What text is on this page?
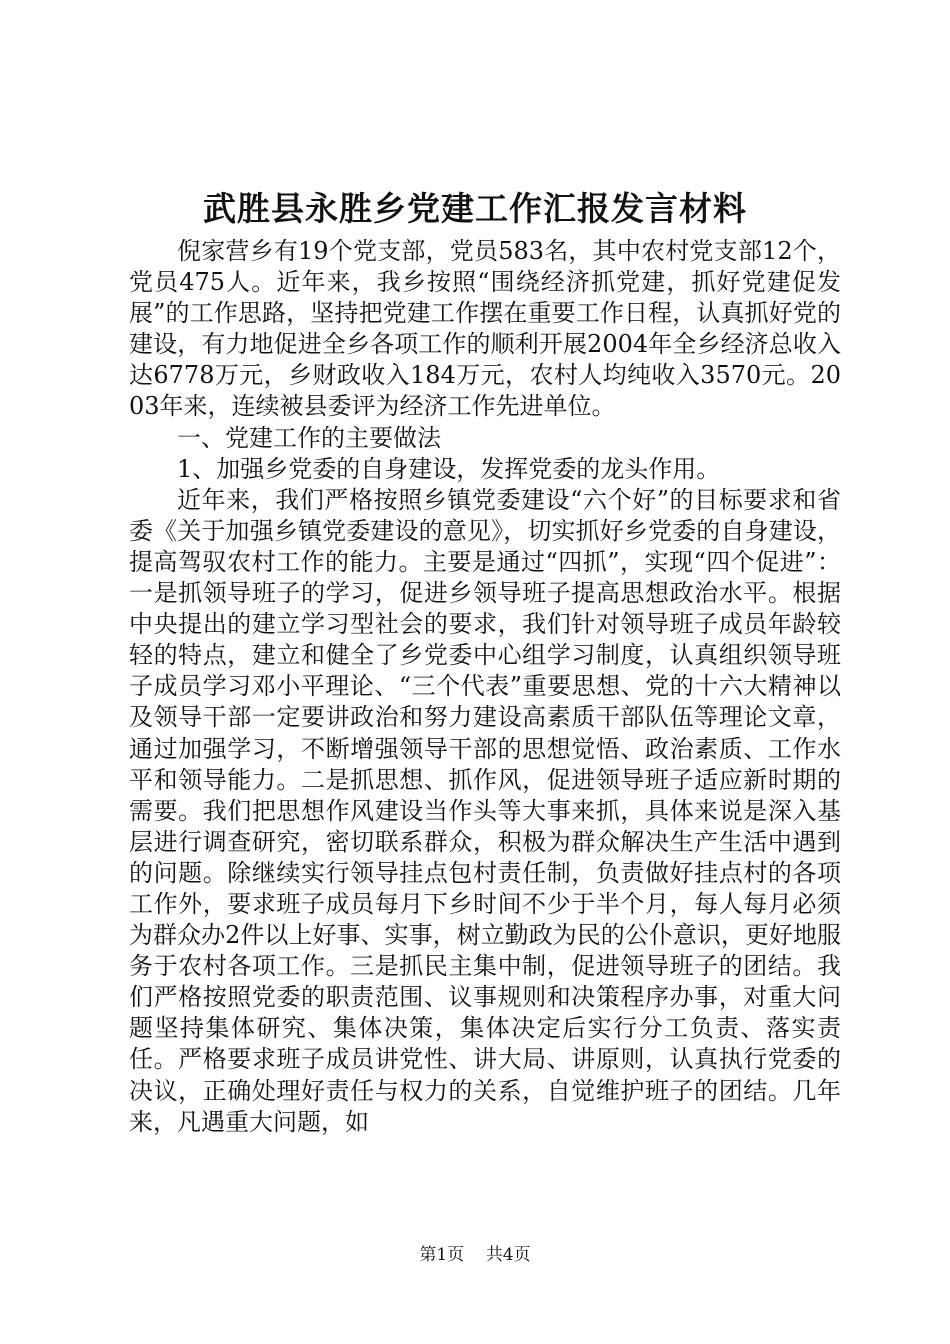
武胜县永胜乡党建工作汇报发言材料

倪家营乡有19个党支部，党员583名，其中农村党支部12个，党员475人。近年来，我乡按照“围绕经济抓党建，抓好党建促发展”的工作思路，坚持把党建工作摆在重要工作日程，认真抓好党的建设，有力地促进全乡各项工作的顺利开展2004年全乡经济总收入达6778万元，乡财政收入184万元，农村人均纯收入3570元。2003年来，连续被县委评为经济工作先进单位。

一、党建工作的主要做法

1、加强乡党委的自身建设，发挥党委的龙头作用。

近年来，我们严格按照乡镇党委建设“六个好”的目标要求和省委《关于加强乡镇党委建设的意见》，切实抓好乡党委的自身建设，提高驾驭农村工作的能力。主要是通过“四抓”，实现“四个促进”：一是抓领导班子的学习，促进乡领导班子提高思想政治水平。根据中央提出的建立学习型社会的要求，我们针对领导班子成员年龄较轻的特点，建立和健全了乡党委中心组学习制度，认真组织领导班子成员学习邓小平理论、“三个代表”重要思想、党的十六大精神以及领导干部一定要讲政治和努力建设高素质干部队伍等理论文章，通过加强学习，不断增强领导干部的思想觉悟、政治素质、工作水平和领导能力。二是抓思想、抓作风，促进领导班子适应新时期的需要。我们把思想作风建设当作头等大事来抓，具体来说是深入基层进行调查研究，密切联系群众，积极为群众解决生产生活中遇到的问题。除继续实行领导挂点包村责任制，负责做好挂点村的各项工作外，要求班子成员每月下乡时间不少于半个月，每人每月必须为群众办2件以上好事、实事，树立勤政为民的公仆意识，更好地服务于农村各项工作。三是抓民主集中制，促进领导班子的团结。我们严格按照党委的职责范围、议事规则和决策程序办事，对重大问题坚持集体研究、集体决策，集体决定后实行分工负责、落实责任。严格要求班子成员讲党性、讲大局、讲原则，认真执行党委的决议，正确处理好责任与权力的关系，自觉维护班子的团结。几年来，凡遇重大问题，如

第1页 共4页
